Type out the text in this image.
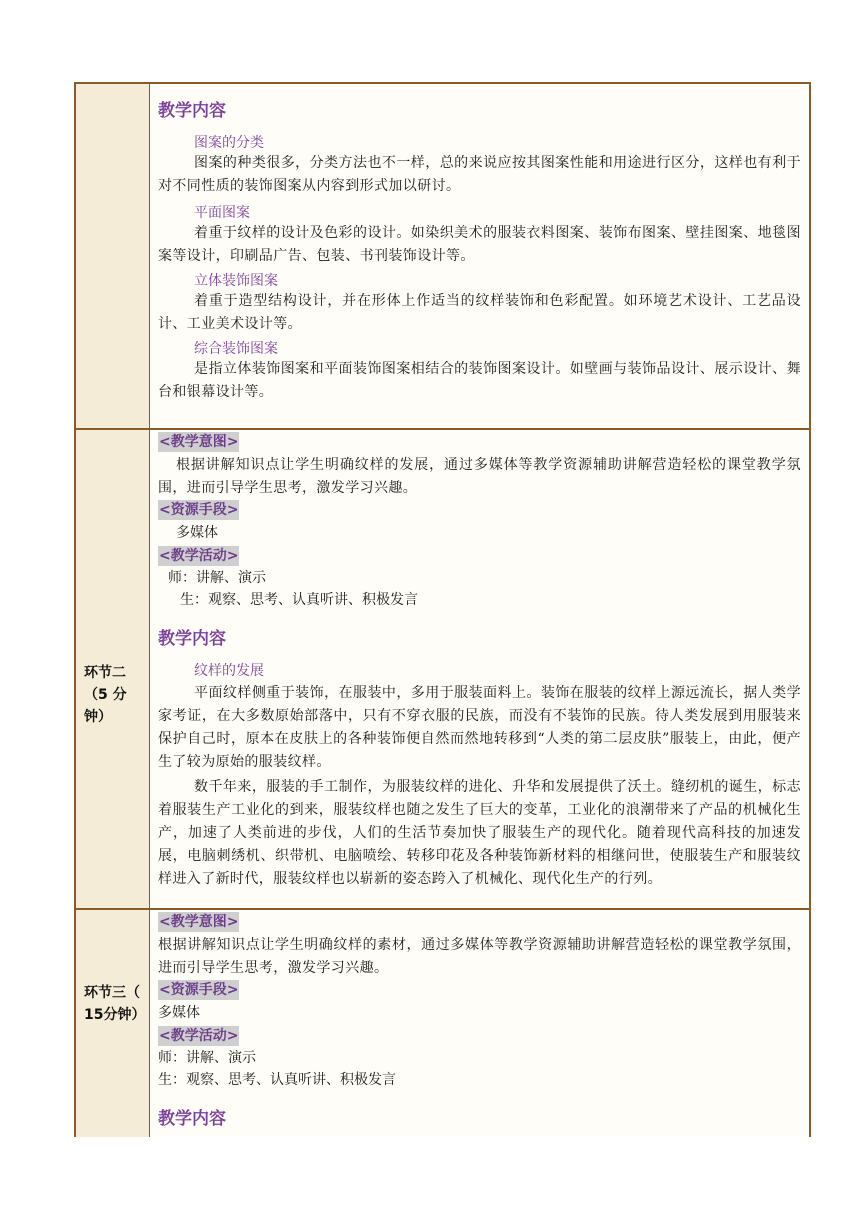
教学内容
图案的分类
图案的种类很多，分类方法也不一样，总的来说应按其图案性能和用途进行区分，这样也有利于对不同性质的装饰图案从内容到形式加以研讨。
平面图案
着重于纹样的设计及色彩的设计。如染织美术的服装衣料图案、装饰布图案、壁挂图案、地毯图案等设计，印刷品广告、包装、书刊装饰设计等。
立体装饰图案
着重于造型结构设计，并在形体上作适当的纹样装饰和色彩配置。如环境艺术设计、工艺品设计、工业美术设计等。
综合装饰图案
是指立体装饰图案和平面装饰图案相结合的装饰图案设计。如壁画与装饰品设计、展示设计、舞台和银幕设计等。
环节二（5 分钟）
<教学意图>
根据讲解知识点让学生明确纹样的发展，通过多媒体等教学资源辅助讲解营造轻松的课堂教学氛围，进而引导学生思考，激发学习兴趣。
<资源手段>
多媒体
<教学活动>
师：讲解、演示
生：观察、思考、认真听讲、积极发言
教学内容
纹样的发展
平面纹样侧重于装饰，在服装中，多用于服装面料上。装饰在服装的纹样上源远流长，据人类学家考证，在大多数原始部落中，只有不穿衣服的民族，而没有不装饰的民族。待人类发展到用服装来保护自己时，原本在皮肤上的各种装饰便自然而然地转移到“人类的第二层皮肤”服装上，由此，便产生了较为原始的服装纹样。
数千年来，服装的手工制作，为服装纹样的进化、升华和发展提供了沃土。缝纫机的诞生，标志着服装生产工业化的到来，服装纹样也随之发生了巨大的变革，工业化的浪潮带来了产品的机械化生产，加速了人类前进的步伐，人们的生活节奏加快了服装生产的现代化。随着现代高科技的加速发展，电脑刺绣机、织带机、电脑喷绘、转移印花及各种装饰新材料的相继问世，使服装生产和服装纹样进入了新时代，服装纹样也以崭新的姿态跨入了机械化、现代化生产的行列。
环节三（ 15分钟）
<教学意图>
根据讲解知识点让学生明确纹样的素材，通过多媒体等教学资源辅助讲解营造轻松的课堂教学氛围，进而引导学生思考，激发学习兴趣。
<资源手段>
多媒体
<教学活动>
师：讲解、演示
生：观察、思考、认真听讲、积极发言
教学内容
